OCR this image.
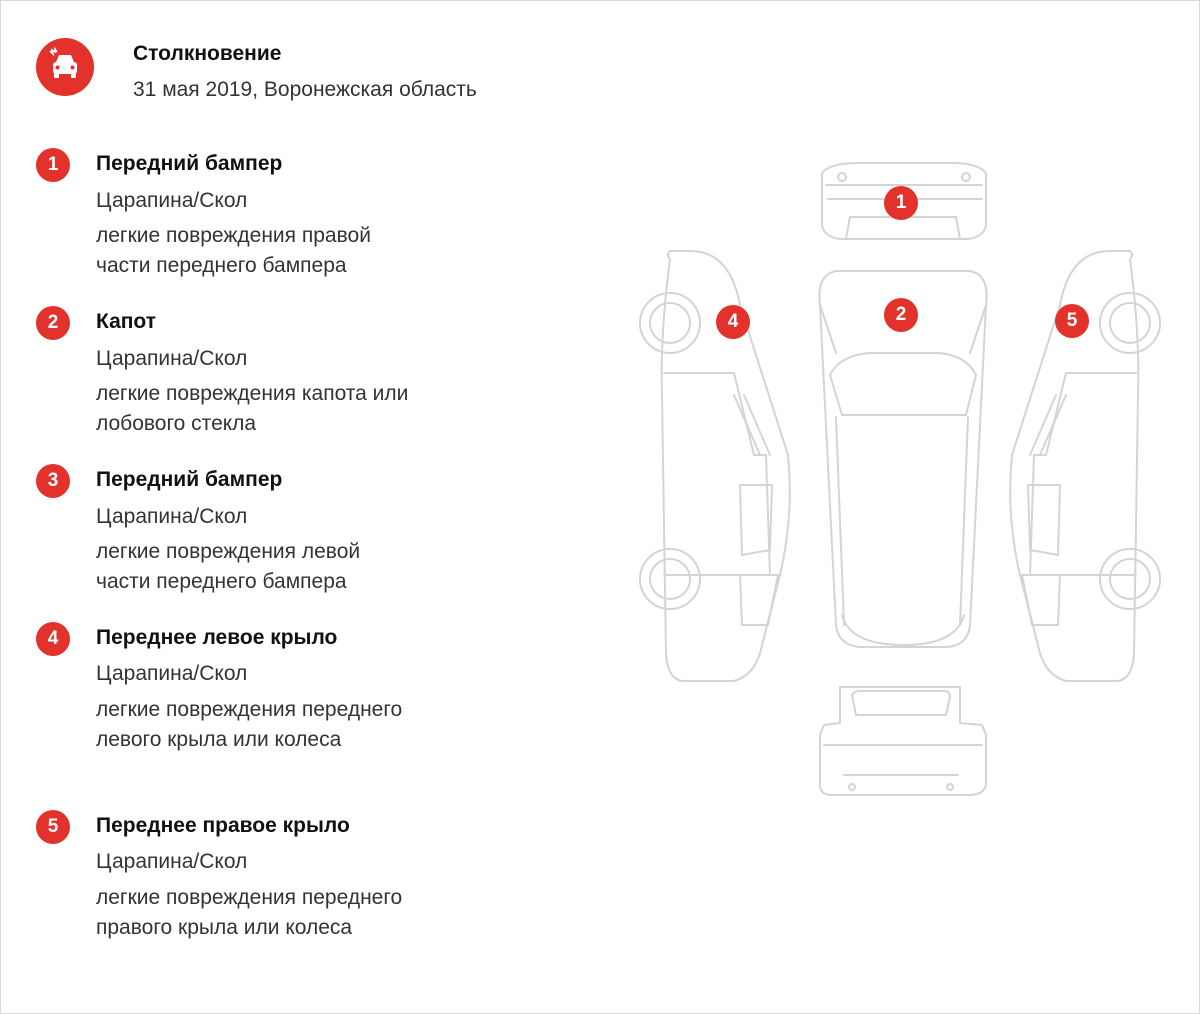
Столкновение
31 мая 2019, Воронежская область
1	Передний бампер
Царапина/Скол
легкие повреждения правой части переднего бампера
2	Капот
Царапина/Скол
легкие повреждения капота или лобового стекла
3	Передний бампер
Царапина/Скол
легкие повреждения левой части переднего бампера
4	Переднее левое крыло
Царапина/Скол
легкие повреждения переднего левого крыла или колеса
5	Переднее правое крыло
Царапина/Скол
легкие повреждения переднего правого крыла или колеса
1
2
4	5
